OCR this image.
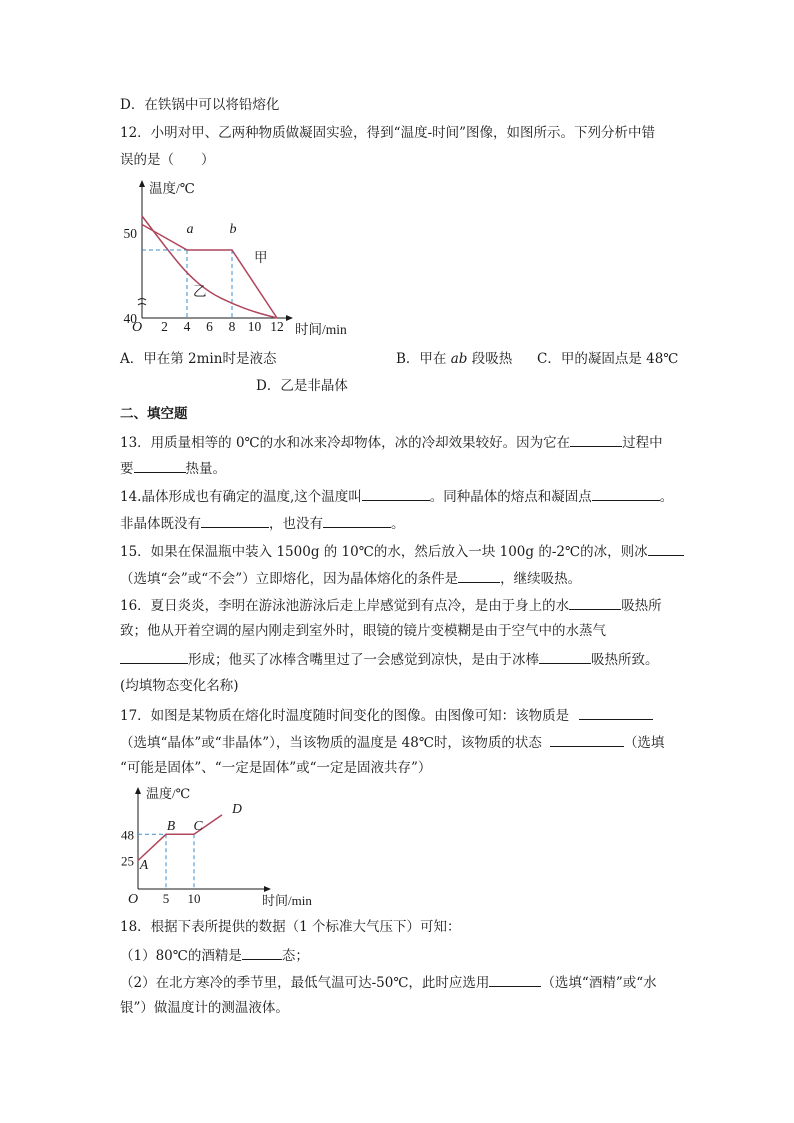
D．在铁锅中可以将铅熔化
12．小明对甲、乙两种物质做凝固实验，得到“温度-时间”图像，如图所示。下列分析中错
误的是（　　）
2 4 6 8 10 12
40
50
O
温度/℃
时间/min
a	b
甲
乙
A．甲在第 2min时是液态	B．甲在 ab 段吸热 C．甲的凝固点是 48℃
D．乙是非晶体
二、填空题
13．用质量相等的 0℃的水和冰来冷却物体，冰的冷却效果较好。因为它在	过程中
要	热量。
14.晶体形成也有确定的温度,这个温度叫	。同种晶体的熔点和凝固点	。
非晶体既没有	，也没有	。
15．如果在保温瓶中装入 1500g 的 10℃的水，然后放入一块 100g 的-2℃的冰，则冰
（选填“会”或“不会”）立即熔化，因为晶体熔化的条件是	，继续吸热。
16．夏日炎炎，李明在游泳池游泳后走上岸感觉到有点冷，是由于身上的水	吸热所
致；他从开着空调的屋内刚走到室外时，眼镜的镜片变模糊是由于空气中的水蒸气
形成；他买了冰棒含嘴里过了一会感觉到凉快，是由于冰棒	吸热所致。
(均填物态变化名称)
17．如图是某物质在熔化时温度随时间变化的图像。由图像可知：该物质是
（选填“晶体”或“非晶体”），当该物质的温度是 48℃时，该物质的状态	（选填
“可能是固体”、“一定是固体”或“一定是固液共存”）
5 10
25
48
O
温度/℃
时间/min
A
B C
D
18．根据下表所提供的数据（1 个标准大气压下）可知：
（1）80℃的酒精是	态；
（2）在北方寒冷的季节里，最低气温可达-50℃，此时应选用	（选填“酒精”或“水
银”）做温度计的测温液体。
